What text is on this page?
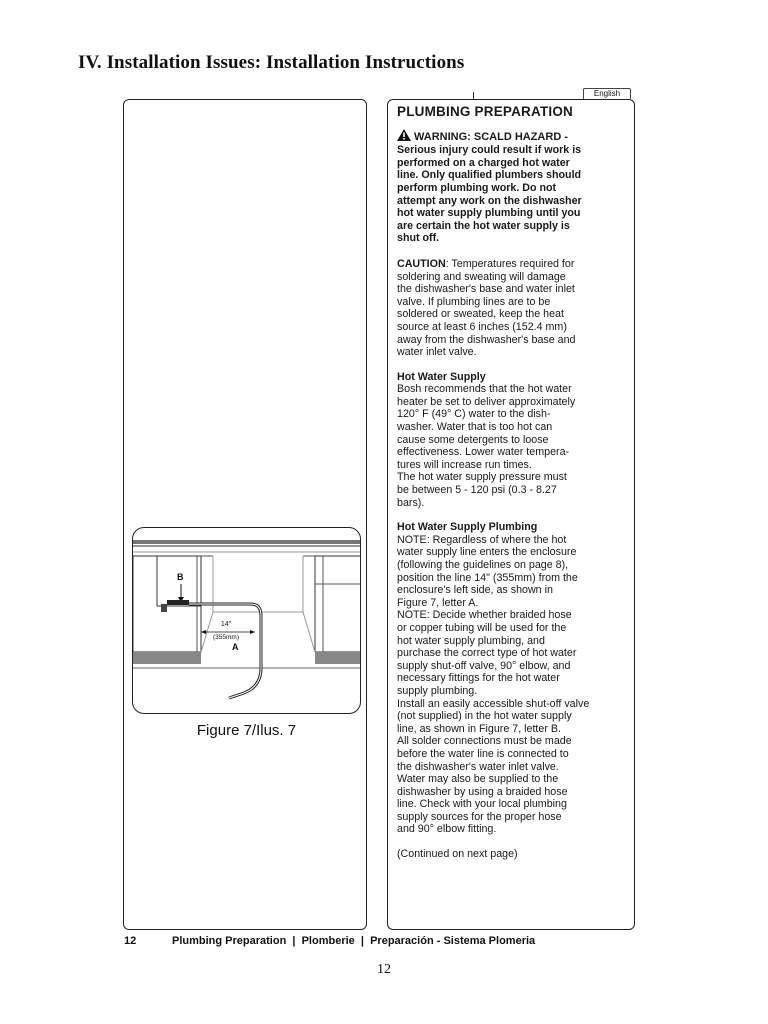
IV. Installation Issues: Installation Instructions
English
B
14"
(355mm)
A
Figure 7/Ilus. 7
PLUMBING PREPARATION
WARNING: SCALD HAZARD -
Serious injury could result if work is
performed on a charged hot water
line. Only qualified plumbers should
perform plumbing work. Do not
attempt any work on the dishwasher
hot water supply plumbing until you
are certain the hot water supply is
shut off.
CAUTION: Temperatures required for
soldering and sweating will damage
the dishwasher's base and water inlet
valve. If plumbing lines are to be
soldered or sweated, keep the heat
source at least 6 inches (152.4 mm)
away from the dishwasher's base and
water inlet valve.
Hot Water Supply
Bosh recommends that the hot water
heater be set to deliver approximately
120° F (49° C) water to the dish-
washer. Water that is too hot can
cause some detergents to loose
effectiveness. Lower water tempera-
tures will increase run times.
The hot water supply pressure must
be between 5 - 120 psi (0.3 - 8.27
bars).
Hot Water Supply Plumbing
NOTE: Regardless of where the hot
water supply line enters the enclosure
(following the guidelines on page 8),
position the line 14" (355mm) from the
enclosure's left side, as shown in
Figure 7, letter A.
NOTE: Decide whether braided hose
or copper tubing will be used for the
hot water supply plumbing, and
purchase the correct type of hot water
supply shut-off valve, 90° elbow, and
necessary fittings for the hot water
supply plumbing.
Install an easily accessible shut-off valve
(not supplied) in the hot water supply
line, as shown in Figure 7, letter B.
All solder connections must be made
before the water line is connected to
the dishwasher's water inlet valve.
Water may also be supplied to the
dishwasher by using a braided hose
line. Check with your local plumbing
supply sources for the proper hose
and 90° elbow fitting.
(Continued on next page)
12	Plumbing Preparation  |  Plomberie  |  Preparación - Sistema Plomeria
12
